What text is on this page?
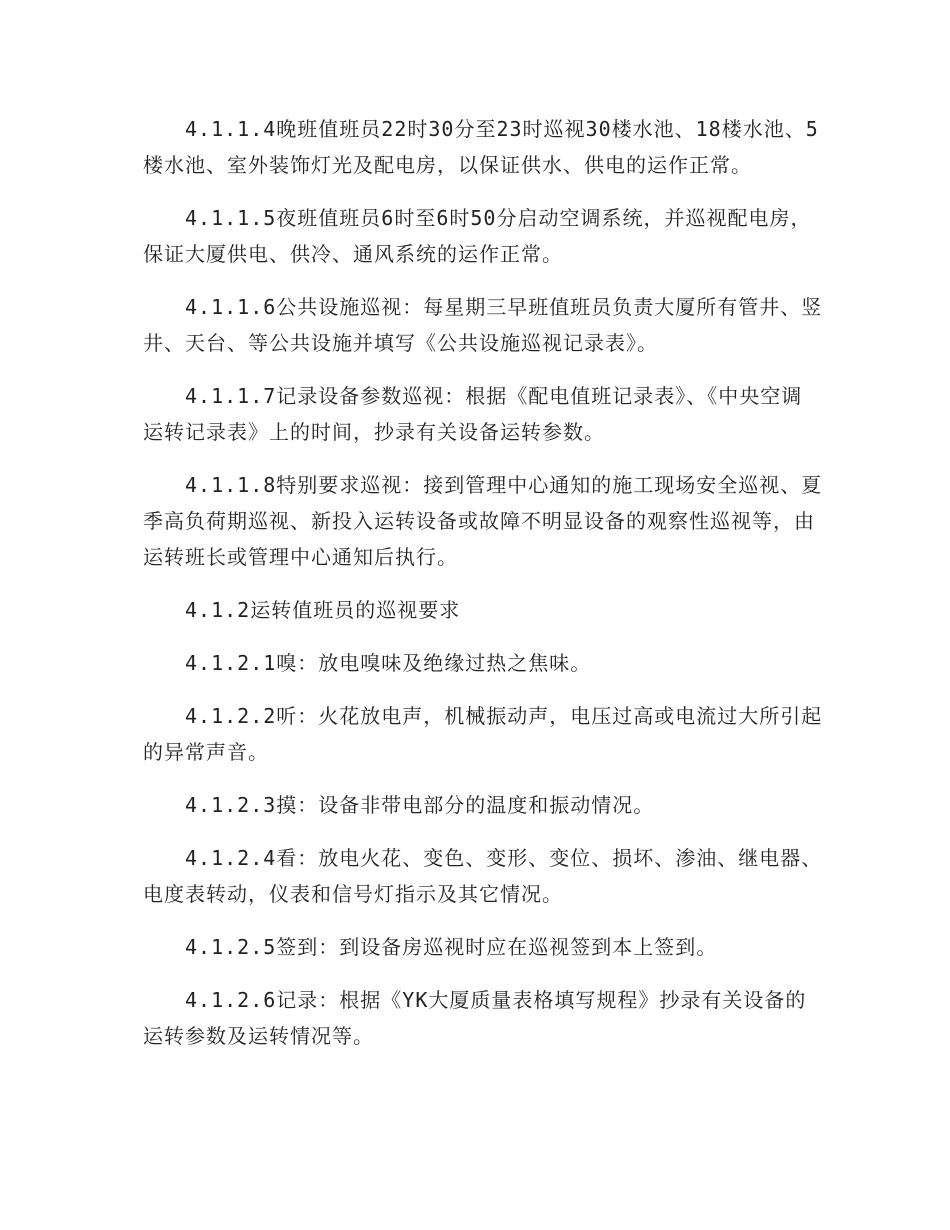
4.1.1.4晚班值班员22时30分至23时巡视30楼水池、18楼水池、5楼水池、室外装饰灯光及配电房，以保证供水、供电的运作正常。

4.1.1.5夜班值班员6时至6时50分启动空调系统，并巡视配电房，保证大厦供电、供冷、通风系统的运作正常。

4.1.1.6公共设施巡视：每星期三早班值班员负责大厦所有管井、竖井、天台、等公共设施并填写《公共设施巡视记录表》。

4.1.1.7记录设备参数巡视：根据《配电值班记录表》、《中央空调运转记录表》上的时间，抄录有关设备运转参数。

4.1.1.8特别要求巡视：接到管理中心通知的施工现场安全巡视、夏季高负荷期巡视、新投入运转设备或故障不明显设备的观察性巡视等，由运转班长或管理中心通知后执行。

4.1.2运转值班员的巡视要求

4.1.2.1嗅：放电嗅味及绝缘过热之焦味。

4.1.2.2听：火花放电声，机械振动声，电压过高或电流过大所引起的异常声音。

4.1.2.3摸：设备非带电部分的温度和振动情况。

4.1.2.4看：放电火花、变色、变形、变位、损坏、渗油、继电器、电度表转动，仪表和信号灯指示及其它情况。

4.1.2.5签到：到设备房巡视时应在巡视签到本上签到。

4.1.2.6记录：根据《YK大厦质量表格填写规程》抄录有关设备的运转参数及运转情况等。
